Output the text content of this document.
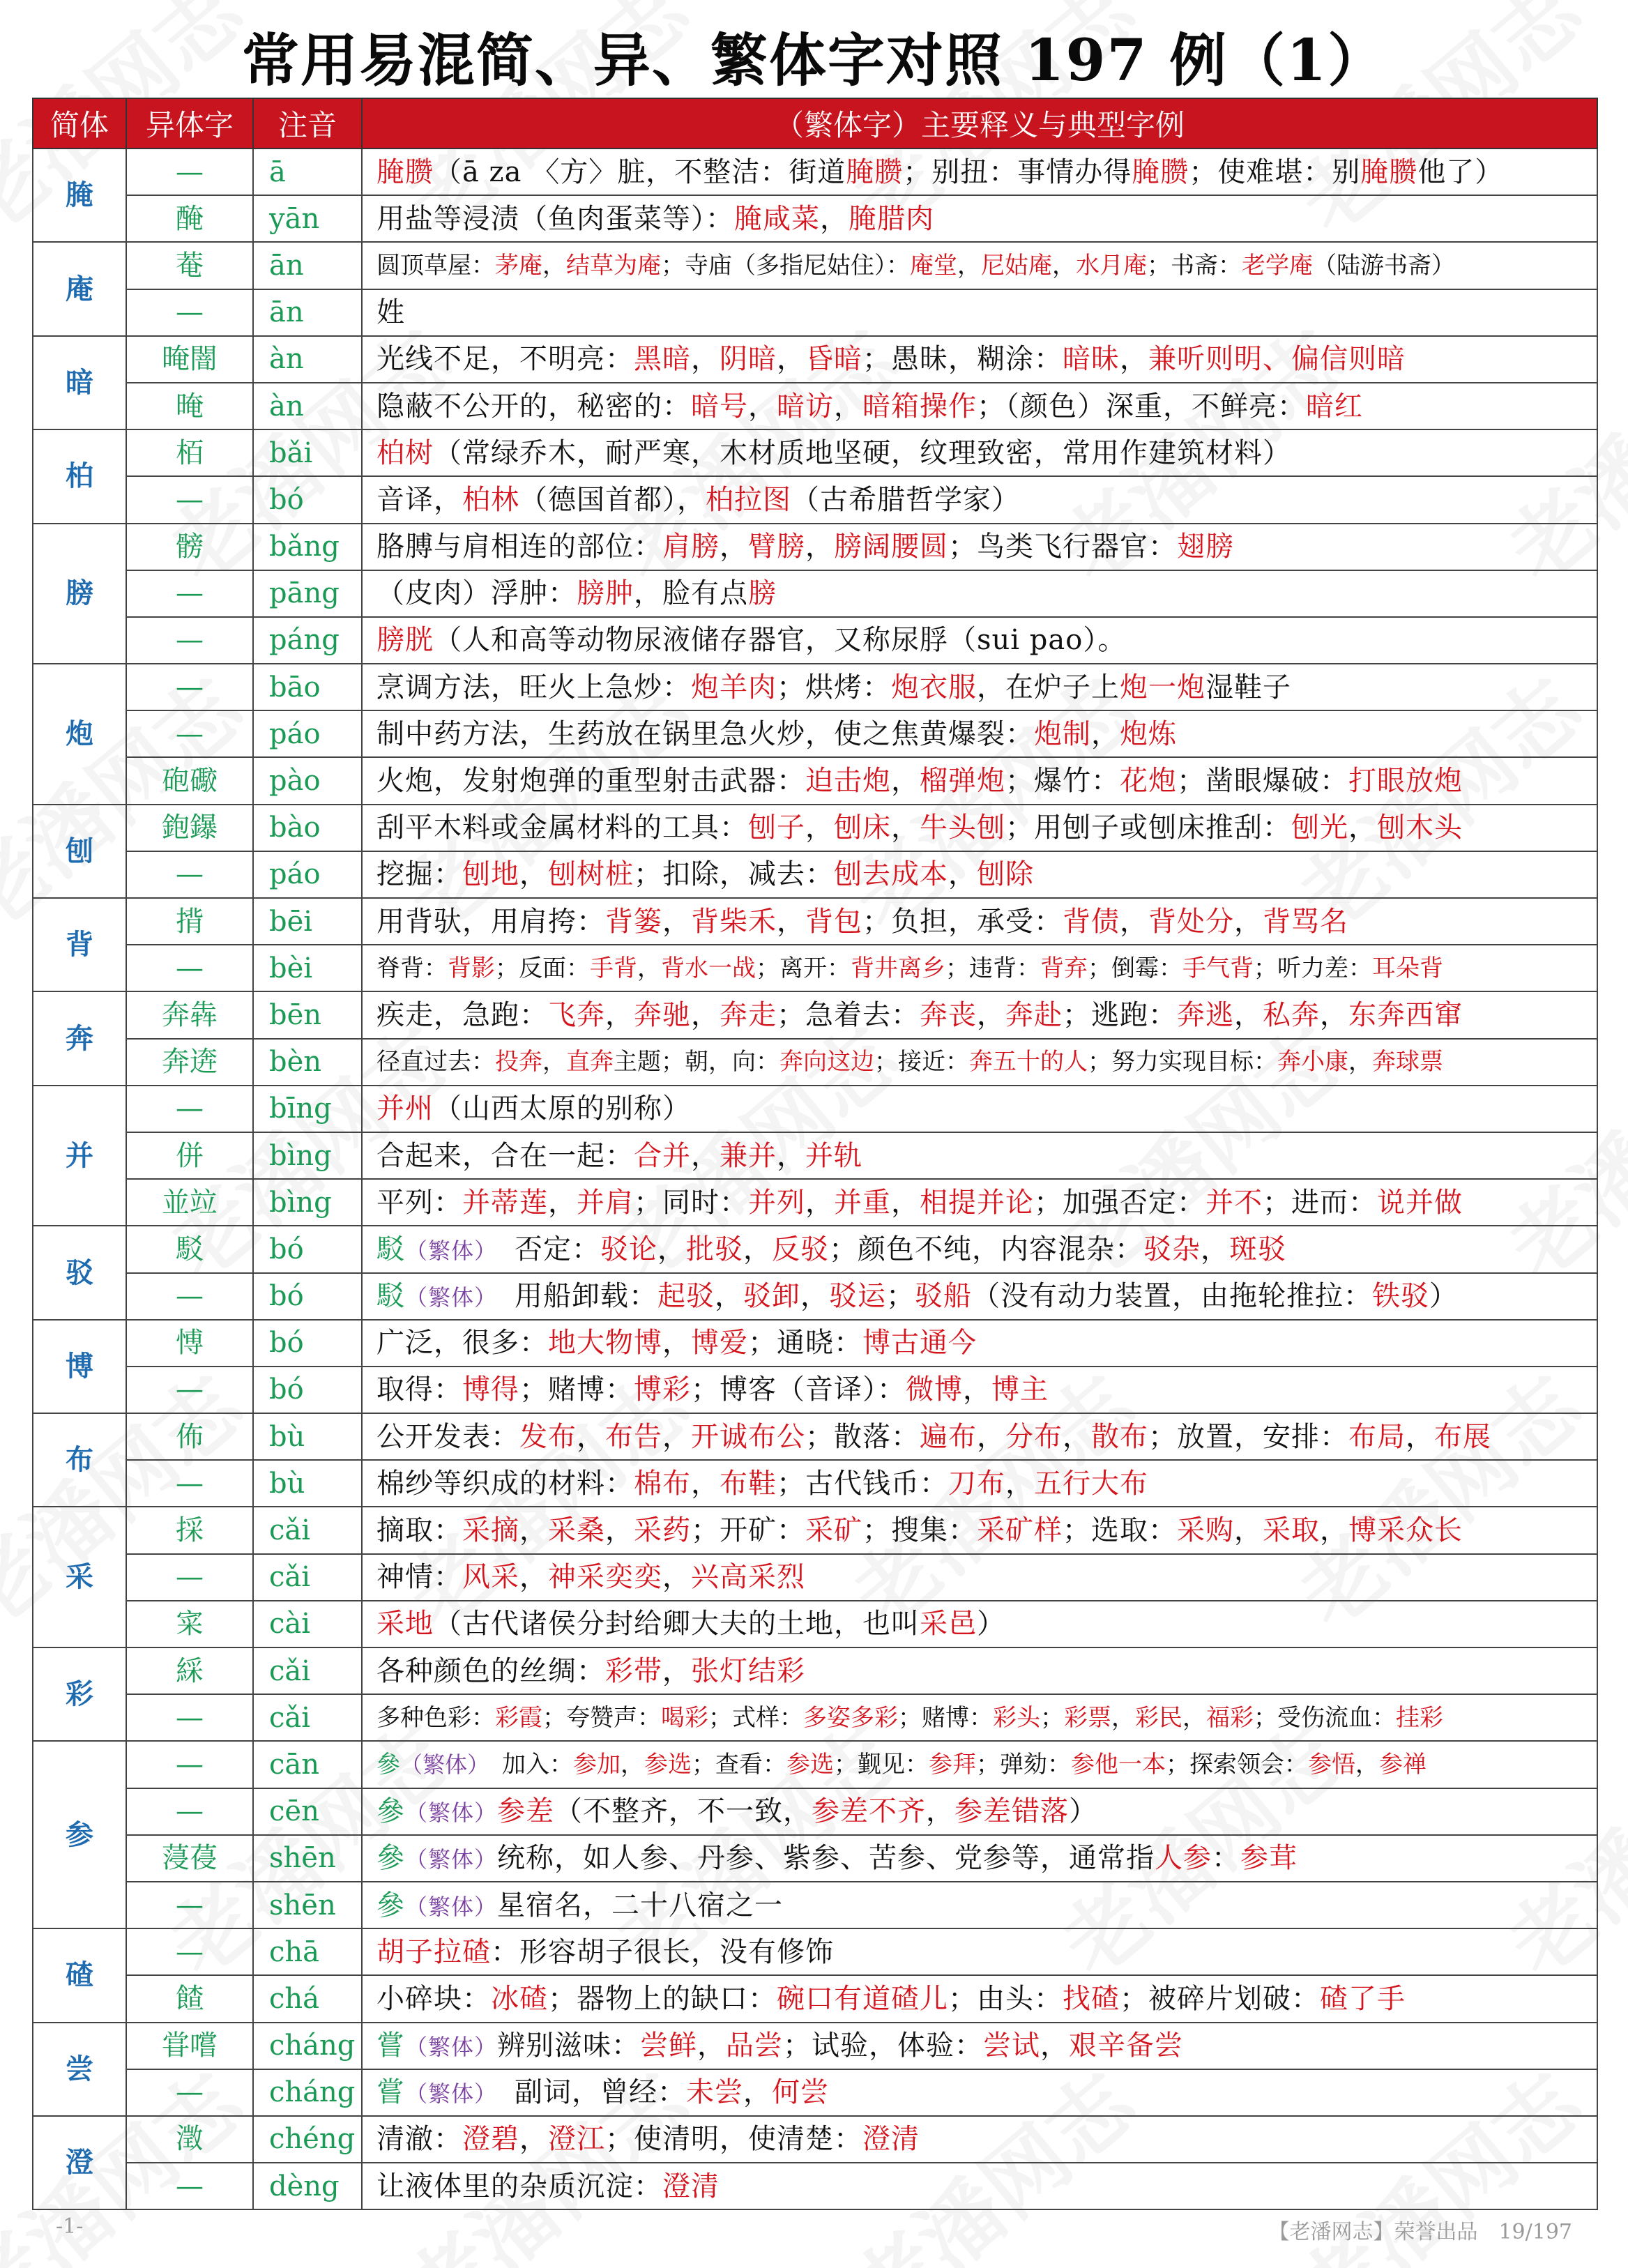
常用易混简、异、繁体字对照 197 例（1）
简体	异体字	注音	（繁体字）主要释义与典型字例
腌	—	ā	腌臜（ā za 〈方〉脏，不整洁：街道腌臜；别扭：事情办得腌臜；使难堪：别腌臜他了）
	醃	yān	用盐等浸渍（鱼肉蛋菜等）：腌咸菜，腌腊肉
庵	菴	ān	圆顶草屋：茅庵，结草为庵；寺庙（多指尼姑住）：庵堂，尼姑庵，水月庵；书斋：老学庵（陆游书斋）
	—	ān	姓
暗	晻闇	àn	光线不足，不明亮：黑暗，阴暗，昏暗；愚昧，糊涂：暗昧，兼听则明、偏信则暗
	晻	àn	隐蔽不公开的，秘密的：暗号，暗访，暗箱操作；（颜色）深重，不鲜亮：暗红
柏	栢	bǎi	柏树（常绿乔木，耐严寒，木材质地坚硬，纹理致密，常用作建筑材料）
	—	bó	音译，柏林（德国首都），柏拉图（古希腊哲学家）
膀	髈	bǎng	胳膊与肩相连的部位：肩膀，臂膀，膀阔腰圆；鸟类飞行器官：翅膀
	—	pāng	（皮肉）浮肿：膀肿，脸有点膀
	—	páng	膀胱（人和高等动物尿液储存器官，又称尿脬（sui pao）。
炮	—	bāo	烹调方法，旺火上急炒：炮羊肉；烘烤：炮衣服，在炉子上炮一炮湿鞋子
	—	páo	制中药方法，生药放在锅里急火炒，使之焦黄爆裂：炮制，炮炼
	砲礮	pào	火炮，发射炮弹的重型射击武器：迫击炮，榴弹炮；爆竹：花炮；凿眼爆破：打眼放炮
刨	鉋鑤	bào	刮平木料或金属材料的工具：刨子，刨床，牛头刨；用刨子或刨床推刮：刨光，刨木头
	—	páo	挖掘：刨地，刨树桩；扣除，减去：刨去成本，刨除
背	揹	bēi	用背驮，用肩挎：背篓，背柴禾，背包；负担，承受：背债，背处分，背骂名
	—	bèi	脊背：背影；反面：手背，背水一战；离开：背井离乡；违背：背弃；倒霉：手气背；听力差：耳朵背
奔	奔犇	bēn	疾走，急跑：飞奔，奔驰，奔走；急着去：奔丧，奔赴；逃跑：奔逃，私奔，东奔西窜
	奔逩	bèn	径直过去：投奔，直奔主题；朝，向：奔向这边；接近：奔五十的人；努力实现目标：奔小康，奔球票
并	—	bīng	并州（山西太原的别称）
	併	bìng	合起来，合在一起：合并，兼并，并轨
	並竝	bìng	平列：并蒂莲，并肩；同时：并列，并重，相提并论；加强否定：并不；进而：说并做
驳	駁	bó	駁（繁体）　否定：驳论，批驳，反驳；颜色不纯，内容混杂：驳杂，斑驳
	—	bó	駁（繁体）　用船卸载：起驳，驳卸，驳运；驳船（没有动力装置，由拖轮推拉：铁驳）
博	愽	bó	广泛，很多：地大物博，博爱；通晓：博古通今
	—	bó	取得：博得；赌博：博彩；博客（音译）：微博，博主
布	佈	bù	公开发表：发布，布告，开诚布公；散落：遍布，分布，散布；放置，安排：布局，布展
	—	bù	棉纱等织成的材料：棉布，布鞋；古代钱币：刀布，五行大布
采	採	cǎi	摘取：采摘，采桑，采药；开矿：采矿；搜集：采矿样；选取：采购，采取，博采众长
	—	cǎi	神情：风采，神采奕奕，兴高采烈
	寀	cài	采地（古代诸侯分封给卿大夫的土地，也叫采邑）
彩	綵	cǎi	各种颜色的丝绸：彩带，张灯结彩
	—	cǎi	多种色彩：彩霞；夸赞声：喝彩；式样：多姿多彩；赌博：彩头；彩票，彩民，福彩；受伤流血：挂彩
参	—	cān	參（繁体）　加入：参加，参选；查看：参选；觐见：参拜；弹劾：参他一本；探索领会：参悟，参禅
	—	cēn	參（繁体）参差（不整齐，不一致，参差不齐，参差错落）
	蓡葠	shēn	參（繁体）统称，如人参、丹参、紫参、苦参、党参等，通常指人参：参茸
	—	shēn	參（繁体）星宿名，二十八宿之一
碴	—	chā	胡子拉碴：形容胡子很长，没有修饰
	餷	chá	小碎块：冰碴；器物上的缺口：碗口有道碴儿；由头：找碴；被碎片划破：碴了手
尝	甞嚐	cháng	嘗（繁体）辨别滋味：尝鲜，品尝；试验，体验：尝试，艰辛备尝
	—	cháng	嘗（繁体）　副词，曾经：未尝，何尝
澄	澂	chéng	清澈：澄碧，澄江；使清明，使清楚：澄清
	—	dèng	让液体里的杂质沉淀：澄清
-1-	【老潘网志】荣誉出品　19/197
